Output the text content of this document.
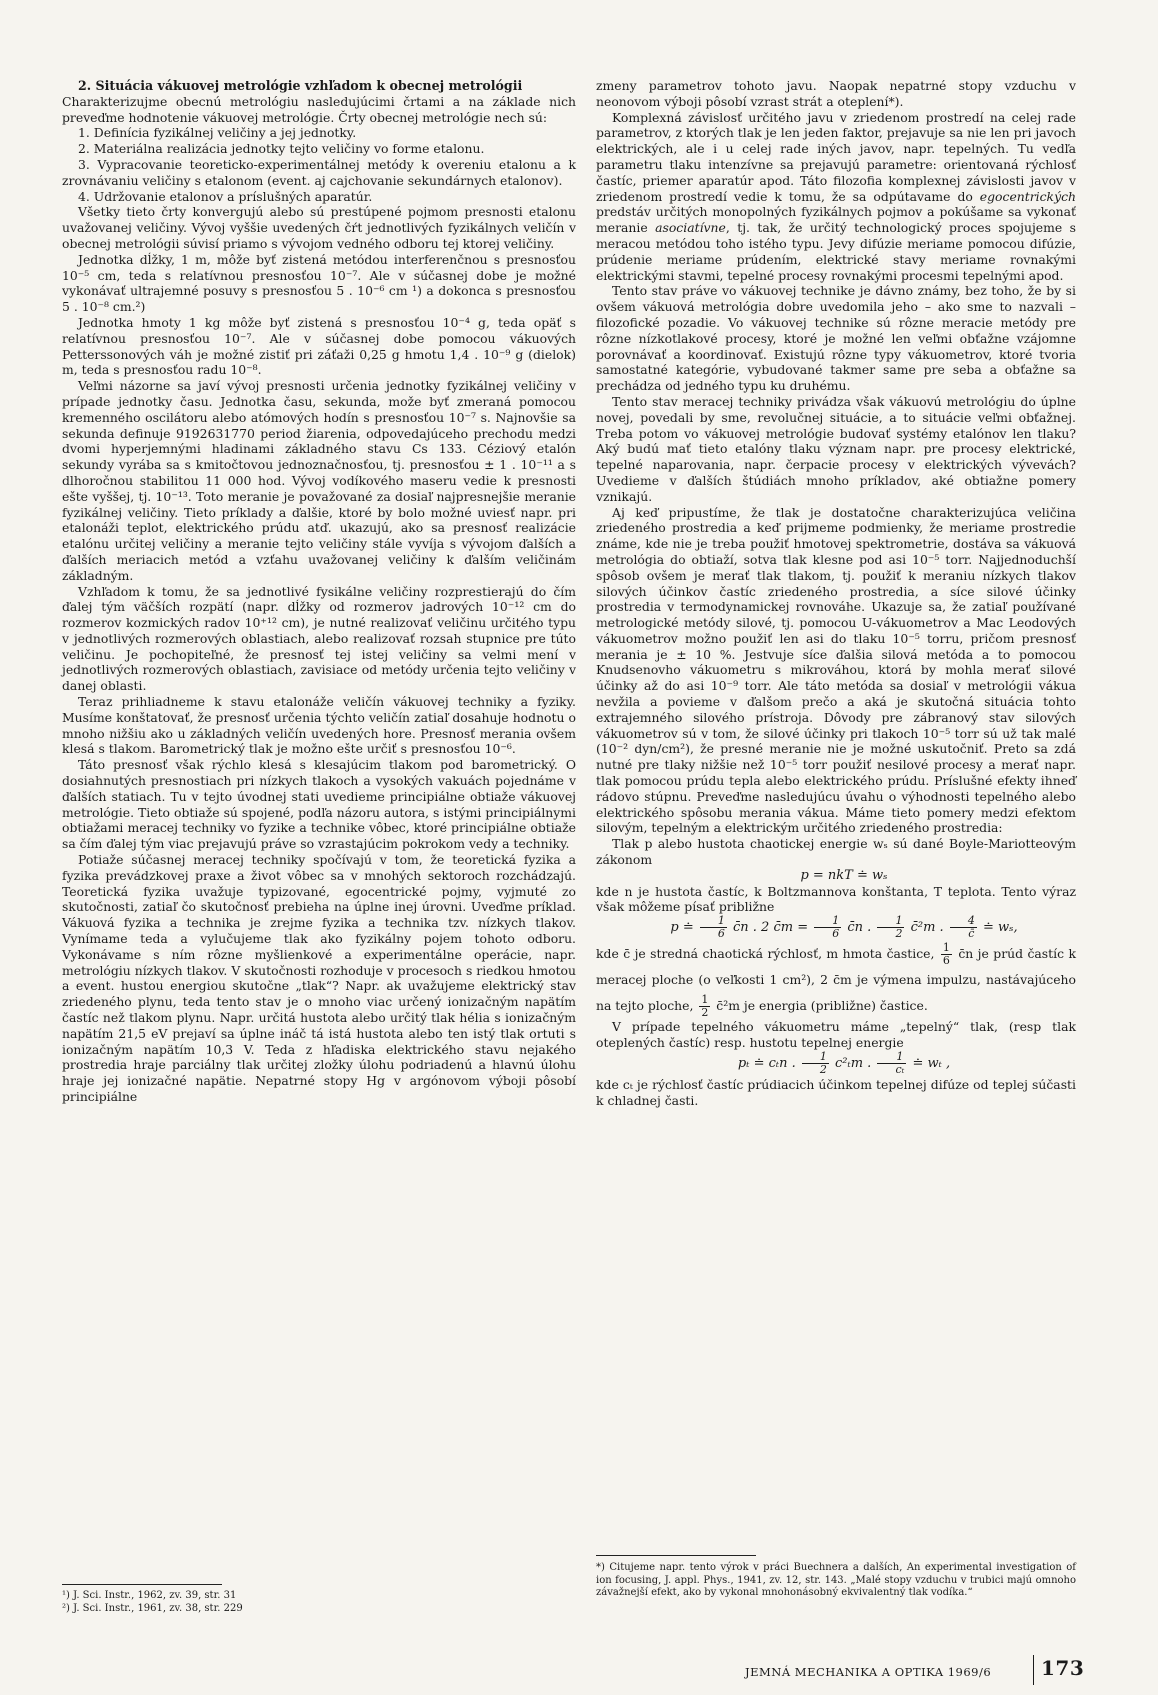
2. Situácia vákuovej metrológie vzhľadom k obecnej metrológii

Charakterizujme obecnú metrológiu nasledujúcimi črtami a na základe nich preveďme hodnotenie vákuovej metrológie. Črty obecnej metrológie nech sú:

1. Definícia fyzikálnej veličiny a jej jednotky.

2. Materiálna realizácia jednotky tejto veličiny vo forme etalonu.

3. Vypracovanie teoreticko-experimentálnej metódy k overeniu etalonu a k zrovnávaniu veličiny s etalonom (event. aj cajchovanie sekundárnych etalonov).

4. Udržovanie etalonov a príslušných aparatúr.

Všetky tieto črty konvergujú alebo sú prestúpené pojmom presnosti etalonu uvažovanej veličiny. Vývoj vyššie uvedených čŕt jednotlivých fyzikálnych veličín v obecnej metrológii súvisí priamo s vývojom vedného odboru tej ktorej veličiny.

Jednotka dĺžky, 1 m, môže byť zistená metódou interferenčnou s presnosťou 10⁻⁵ cm, teda s relatívnou presnosťou 10⁻⁷. Ale v súčasnej dobe je možné vykonávať ultrajemné posuvy s presnosťou 5 . 10⁻⁶ cm ¹) a dokonca s presnosťou 5 . 10⁻⁸ cm.²)

Jednotka hmoty 1 kg môže byť zistená s presnosťou 10⁻⁴ g, teda opäť s relatívnou presnosťou 10⁻⁷. Ale v súčasnej dobe pomocou vákuových Petterssonových váh je možné zistiť pri záťaži 0,25 g hmotu 1,4 . 10⁻⁹ g (dielok) m, teda s presnosťou radu 10⁻⁸.

Veľmi názorne sa javí vývoj presnosti určenia jednotky fyzikálnej veličiny v prípade jednotky času. Jednotka času, sekunda, može byť zmeraná pomocou kremenného oscilátoru alebo atómových hodín s presnosťou 10⁻⁷ s. Najnovšie sa sekunda definuje 9192631770 period žiarenia, odpovedajúceho prechodu medzi dvomi hyperjemnými hladinami základného stavu Cs 133. Céziový etalón sekundy vyrába sa s kmitočtovou jednoznačnosťou, tj. presnosťou ± 1 . 10⁻¹¹ a s dlhoročnou stabilitou 11 000 hod. Vývoj vodíkového maseru vedie k presnosti ešte vyššej, tj. 10⁻¹³. Toto meranie je považované za dosiaľ najpresnejšie meranie fyzikálnej veličiny. Tieto príklady a ďalšie, ktoré by bolo možné uviesť napr. pri etalonáži teplot, elektrického prúdu atď. ukazujú, ako sa presnosť realizácie etalónu určitej veličiny a meranie tejto veličiny stále vyvíja s vývojom ďalších a ďalších meriacich metód a vzťahu uvažovanej veličiny k ďalším veličinám základným.

Vzhľadom k tomu, že sa jednotlivé fysikálne veličiny rozprestierajú do čím ďalej tým väčších rozpätí (napr. dĺžky od rozmerov jadrových 10⁻¹² cm do rozmerov kozmických radov 10⁺¹² cm), je nutné realizovať veličinu určitého typu v jednotlivých rozmerových oblastiach, alebo realizovať rozsah stupnice pre túto veličinu. Je pochopiteľné, že presnosť tej istej veličiny sa velmi mení v jednotlivých rozmerových oblastiach, zavisiace od metódy určenia tejto veličiny v danej oblasti.

Teraz prihliadneme k stavu etalonáže veličín vákuovej techniky a fyziky. Musíme konštatovať, že presnosť určenia týchto veličín zatiaľ dosahuje hodnotu o mnoho nižšiu ako u základných veličín uvedených hore. Presnosť merania ovšem klesá s tlakom. Barometrický tlak je možno ešte určiť s presnosťou 10⁻⁶.

Táto presnosť však rýchlo klesá s klesajúcim tlakom pod barometrický. O dosiahnutých presnostiach pri nízkych tlakoch a vysokých vakuách pojednáme v ďalších statiach. Tu v tejto úvodnej stati uvedieme principiálne obtiaže vákuovej metrológie. Tieto obtiaže sú spojené, podľa názoru autora, s istými principiálnymi obtiažami meracej techniky vo fyzike a technike vôbec, ktoré principiálne obtiaže sa čím ďalej tým viac prejavujú práve so vzrastajúcim pokrokom vedy a techniky.

Potiaže súčasnej meracej techniky spočívajú v tom, že teoretická fyzika a fyzika prevádzkovej praxe a život vôbec sa v mnohých sektoroch rozchádzajú. Teoretická fyzika uvažuje typizované, egocentrické pojmy, vyjmuté zo skutočnosti, zatiaľ čo skutočnosť prebieha na úplne inej úrovni. Uveďme príklad. Vákuová fyzika a technika je zrejme fyzika a technika tzv. nízkych tlakov. Vynímame teda a vylučujeme tlak ako fyzikálny pojem tohoto odboru. Vykonávame s ním rôzne myšlienkové a experimentálne operácie, napr. metrológiu nízkych tlakov. V skutočnosti rozhoduje v procesoch s riedkou hmotou a event. hustou energiou skutočne „tlak“? Napr. ak uvažujeme elektrický stav zriedeného plynu, teda tento stav je o mnoho viac určený ionizačným napätím častíc než tlakom plynu. Napr. určitá hustota alebo určitý tlak hélia s ionizačným napätím 21,5 eV prejaví sa úplne ináč tá istá hustota alebo ten istý tlak ortuti s ionizačným napätím 10,3 V. Teda z hľadiska elektrického stavu nejakého prostredia hraje parciálny tlak určitej zložky úlohu podriadenú a hlavnú úlohu hraje jej ionizačné napätie. Nepatrné stopy Hg v argónovom výboji pôsobí principiálne

zmeny parametrov tohoto javu. Naopak nepatrné stopy vzduchu v neonovom výboji pôsobí vzrast strát a oteplení*).

Komplexná závislosť určitého javu v zriedenom prostredí na celej rade parametrov, z ktorých tlak je len jeden faktor, prejavuje sa nie len pri javoch elektrických, ale i u celej rade iných javov, napr. tepelných. Tu vedľa parametru tlaku intenzívne sa prejavujú parametre: orientovaná rýchlosť častíc, priemer aparatúr apod. Táto filozofia komplexnej závislosti javov v zriedenom prostredí vedie k tomu, že sa odpútavame do egocentrických predstáv určitých monopolných fyzikálnych pojmov a pokúšame sa vykonať meranie asociatívne, tj. tak, že určitý technologický proces spojujeme s meracou metódou toho istého typu. Jevy difúzie meriame pomocou difúzie, prúdenie meriame prúdením, elektrické stavy meriame rovnakými elektrickými stavmi, tepelné procesy rovnakými procesmi tepelnými apod.

Tento stav práve vo vákuovej technike je dávno známy, bez toho, že by si ovšem vákuová metrológia dobre uvedomila jeho – ako sme to nazvali – filozofické pozadie. Vo vákuovej technike sú rôzne meracie metódy pre rôzne nízkotlakové procesy, ktoré je možné len veľmi obťažne vzájomne porovnávať a koordinovať. Existujú rôzne typy vákuometrov, ktoré tvoria samostatné kategórie, vybudované takmer same pre seba a obťažne sa prechádza od jedného typu ku druhému.

Tento stav meracej techniky privádza však vákuovú metrológiu do úplne novej, povedali by sme, revolučnej situácie, a to situácie veľmi obťažnej. Treba potom vo vákuovej metrológie budovať systémy etalónov len tlaku? Aký budú mať tieto etalóny tlaku význam napr. pre procesy elektrické, tepelné naparovania, napr. čerpacie procesy v elektrických vývevách? Uvedieme v ďalších štúdiách mnoho príkladov, aké obtiažne pomery vznikajú.

Aj keď pripustíme, že tlak je dostatočne charakterizujúca veličina zriedeného prostredia a keď prijmeme podmienky, že meriame prostredie známe, kde nie je treba použiť hmotovej spektrometrie, dostáva sa vákuová metrológia do obtiaží, sotva tlak klesne pod asi 10⁻⁵ torr. Najjednoduchší spôsob ovšem je merať tlak tlakom, tj. použiť k meraniu nízkych tlakov silových účinkov častíc zriedeného prostredia, a síce silové účinky prostredia v termodynamickej rovnováhe. Ukazuje sa, že zatiaľ používané metrologické metódy silové, tj. pomocou U-vákuometrov a Mac Leodových vákuometrov možno použiť len asi do tlaku 10⁻⁵ torru, pričom presnosť merania je ± 10 %. Jestvuje síce ďalšia silová metóda a to pomocou Knudsenovho vákuometru s mikrováhou, ktorá by mohla merať silové účinky až do asi 10⁻⁹ torr. Ale táto metóda sa dosiaľ v metrológii vákua nevžila a povieme v ďalšom prečo a aká je skutočná situácia tohto extrajemného silového prístroja. Dôvody pre zábranový stav silových vákuometrov sú v tom, že silové účinky pri tlakoch 10⁻⁵ torr sú už tak malé (10⁻² dyn/cm²), že presné meranie nie je možné uskutočniť. Preto sa zdá nutné pre tlaky nižšie než 10⁻⁵ torr použiť nesilové procesy a merať napr. tlak pomocou prúdu tepla alebo elektrického prúdu. Príslušné efekty ihneď rádovo stúpnu. Preveďme nasledujúcu úvahu o výhodnosti tepelného alebo elektrického spôsobu merania vákua. Máme tieto pomery medzi efektom silovým, tepelným a elektrickým určitého zriedeného prostredia:

Tlak p alebo hustota chaotickej energie wₛ sú dané Boyle-Mariotteovým zákonom

p = nkT ≐ wₛ

kde n je hustota častíc, k Boltzmannova konštanta, T teplota. Tento výraz však môžeme písať približne

p ≐ $\frac{1}{6}$ c̄n . 2 c̄m = $\frac{1}{6}$ c̄n . $\frac{1}{2}$ c̄²m . $\frac{4}{c̄}$ ≐ wₛ,

kde c̄ je stredná chaotická rýchlosť, m hmota častice, $\frac{1}{6}$ c̄n je prúd častíc k meracej ploche (o veľkosti 1 cm²), 2 c̄m je výmena impulzu, nastávajúceho na tejto ploche, $\frac{1}{2}$ c̄²m je energia (približne) častice.

V prípade tepelného vákuometru máme „tepelný“ tlak, (resp tlak oteplených častíc) resp. hustotu tepelnej energie

pₜ ≐ cₜn . $\frac{1}{2} c^2_tm$ . $\frac{1}{\text{cₜ}}$ ≐ wₜ ,

kde cₜ je rýchlosť častíc prúdiacich účinkom tepelnej difúze od teplej súčasti k chladnej časti.

¹) J. Sci. Instr., 1962, zv. 39, str. 31
²) J. Sci. Instr., 1961, zv. 38, str. 229
*) Citujeme napr. tento výrok v práci Buechnera a dalších, An experimental investigation of ion focusing, J. appl. Phys., 1941, zv. 12, str. 143. „Malé stopy vzduchu v trubici majú omnoho závažnejší efekt, ako by vykonal mnohonásobný ekvivalentný tlak vodíka.“
JEMNÁ MECHANIKA A OPTIKA 1969/6 173
